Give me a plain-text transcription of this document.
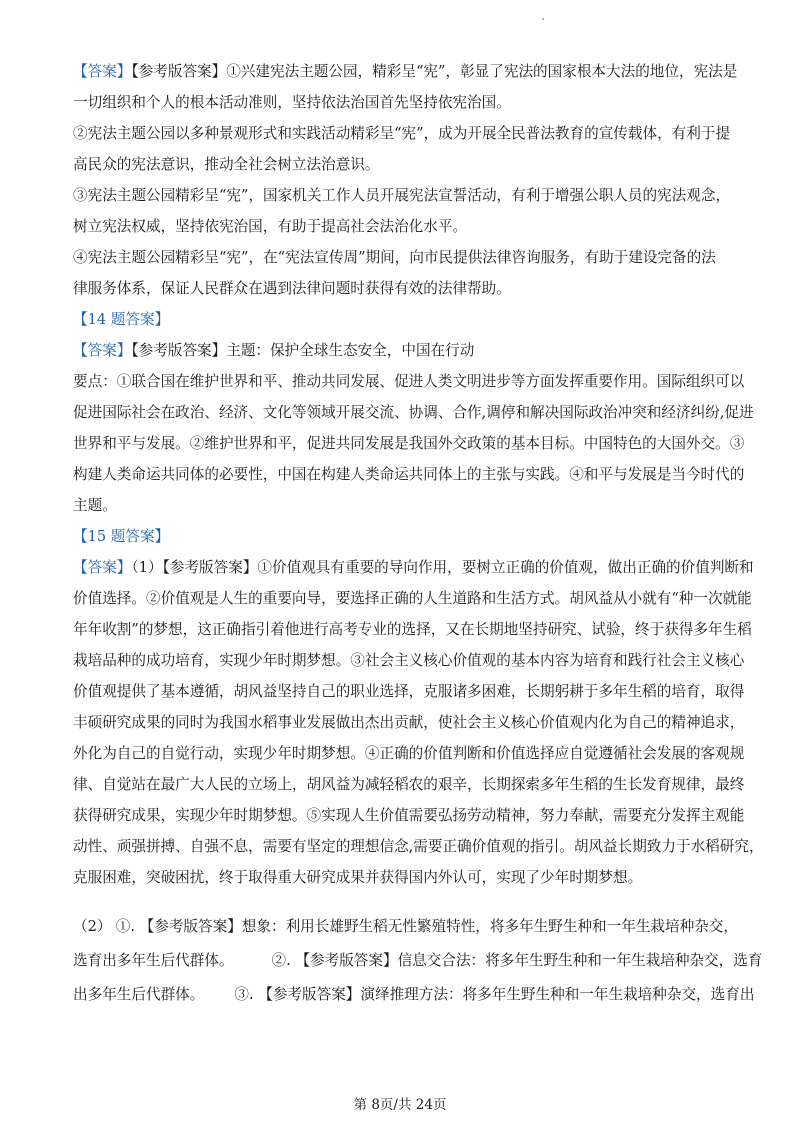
【答案】【参考版答案】①兴建宪法主题公园，精彩呈“宪”，彰显了宪法的国家根本大法的地位，宪法是

一切组织和个人的根本活动准则，坚持依法治国首先坚持依宪治国。

②宪法主题公园以多种景观形式和实践活动精彩呈“宪”，成为开展全民普法教育的宣传载体，有利于提

高民众的宪法意识，推动全社会树立法治意识。

③宪法主题公园精彩呈“宪”，国家机关工作人员开展宪法宣誓活动，有利于增强公职人员的宪法观念，

树立宪法权威，坚持依宪治国，有助于提高社会法治化水平。

④宪法主题公园精彩呈“宪”，在“宪法宣传周”期间，向市民提供法律咨询服务，有助于建设完备的法

律服务体系，保证人民群众在遇到法律问题时获得有效的法律帮助。

【14 题答案】

【答案】【参考版答案】主题：保护全球生态安全，中国在行动

要点：①联合国在维护世界和平、推动共同发展、促进人类文明进步等方面发挥重要作用。国际组织可以

促进国际社会在政治、经济、文化等领域开展交流、协调、合作,调停和解决国际政治冲突和经济纠纷,促进

世界和平与发展。②维护世界和平，促进共同发展是我国外交政策的基本目标。中国特色的大国外交。③

构建人类命运共同体的必要性，中国在构建人类命运共同体上的主张与实践。④和平与发展是当今时代的

主题。

【15 题答案】

【答案】（1）【参考版答案】①价值观具有重要的导向作用，要树立正确的价值观，做出正确的价值判断和

价值选择。②价值观是人生的重要向导，要选择正确的人生道路和生活方式。胡风益从小就有“种一次就能

年年收割”的梦想，这正确指引着他进行高考专业的选择，又在长期地坚持研究、试验，终于获得多年生稻

栽培品种的成功培育，实现少年时期梦想。③社会主义核心价值观的基本内容为培育和践行社会主义核心

价值观提供了基本遵循，胡风益坚持自己的职业选择，克服诸多困难，长期躬耕于多年生稻的培育，取得

丰硕研究成果的同时为我国水稻事业发展做出杰出贡献，使社会主义核心价值观内化为自己的精神追求，

外化为自己的自觉行动，实现少年时期梦想。④正确的价值判断和价值选择应自觉遵循社会发展的客观规

律、自觉站在最广大人民的立场上，胡风益为减轻稻农的艰辛，长期探索多年生稻的生长发育规律，最终

获得研究成果，实现少年时期梦想。⑤实现人生价值需要弘扬劳动精神，努力奉献，需要充分发挥主观能

动性、顽强拼搏、自强不息，需要有坚定的理想信念,需要正确价值观的指引。胡风益长期致力于水稻研究，

克服困难，突破困扰，终于取得重大研究成果并获得国内外认可，实现了少年时期梦想。

（2） ①. 【参考版答案】想象：利用长雄野生稻无性繁殖特性，将多年生野生种和一年生栽培种杂交，

选育出多年生后代群体。	②. 【参考版答案】信息交合法：将多年生野生种和一年生栽培种杂交，选育

出多年生后代群体。 ③. 【参考版答案】演绎推理方法：将多年生野生种和一年生栽培种杂交，选育出

第 8页/共 24页
